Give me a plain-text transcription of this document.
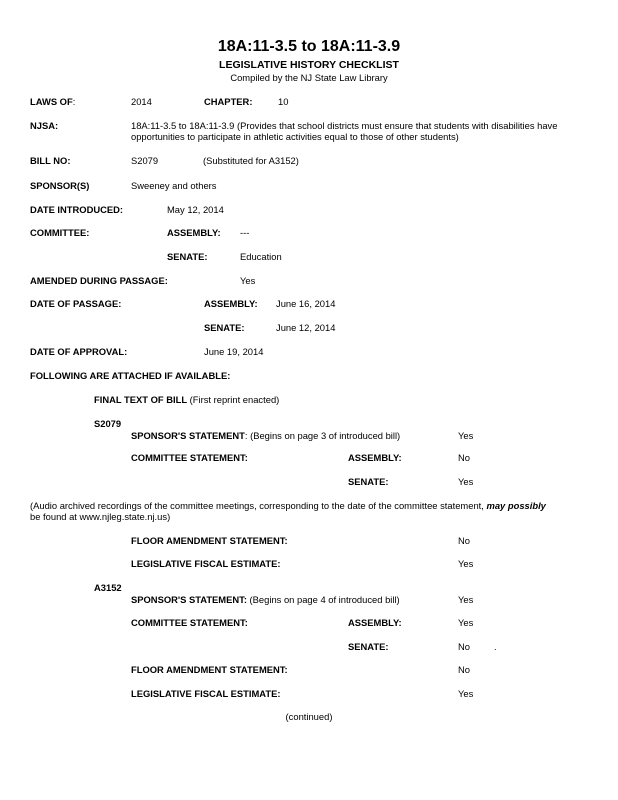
18A:11-3.5 to 18A:11-3.9
LEGISLATIVE HISTORY CHECKLIST
Compiled by the NJ State Law Library
LAWS OF:	2014	CHAPTER:	10
NJSA:	18A:11-3.5 to 18A:11-3.9 (Provides that school districts must ensure that students with disabilities have
opportunities to participate in athletic activities equal to those of other students)
BILL NO:	S2079	(Substituted for A3152)
SPONSOR(S)	Sweeney and others
DATE INTRODUCED:	May 12, 2014
COMMITTEE:	ASSEMBLY: ---
SENATE:	Education
AMENDED DURING PASSAGE:	Yes
DATE OF PASSAGE:	ASSEMBLY: June 16, 2014
SENATE:	June 12, 2014
DATE OF APPROVAL:	June 19, 2014
FOLLOWING ARE ATTACHED IF AVAILABLE:
FINAL TEXT OF BILL (First reprint enacted)
S2079
SPONSOR'S STATEMENT: (Begins on page 3 of introduced bill)	Yes
COMMITTEE STATEMENT:	ASSEMBLY:	No
SENATE:	Yes
(Audio archived recordings of the committee meetings, corresponding to the date of the committee statement, may possibly
be found at www.njleg.state.nj.us)
FLOOR AMENDMENT STATEMENT:	No
LEGISLATIVE FISCAL ESTIMATE:	Yes
A3152
SPONSOR'S STATEMENT: (Begins on page 4 of introduced bill)	Yes
COMMITTEE STATEMENT:	ASSEMBLY:	Yes
SENATE:	No	.
FLOOR AMENDMENT STATEMENT:	No
LEGISLATIVE FISCAL ESTIMATE:	Yes
(continued)
